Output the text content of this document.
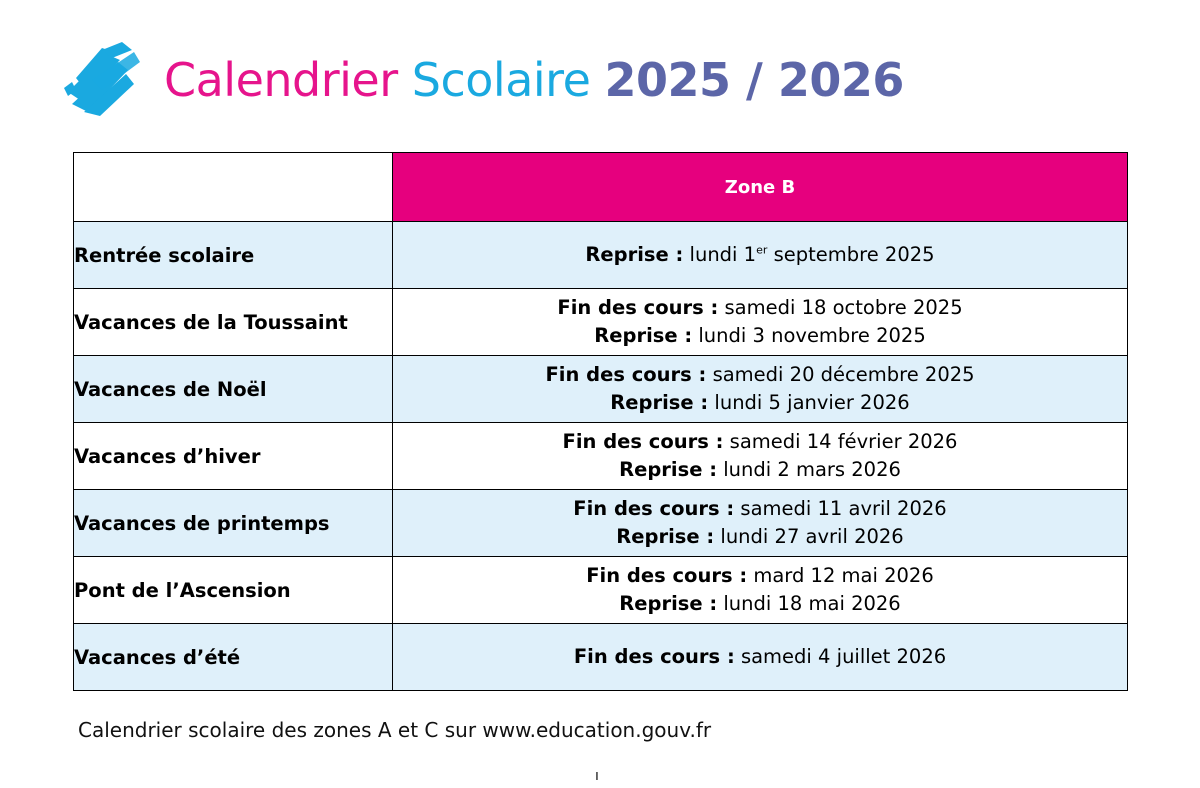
Calendrier Scolaire 2025 / 2026
	Zone B
Rentrée scolaire	Reprise : lundi 1er septembre 2025
Vacances de la Toussaint	Fin des cours : samedi 18 octobre 2025
Reprise : lundi 3 novembre 2025

Vacances de Noël	Fin des cours : samedi 20 décembre 2025
Reprise : lundi 5 janvier 2026

Vacances d’hiver	Fin des cours : samedi 14 février 2026
Reprise : lundi 2 mars 2026

Vacances de printemps	Fin des cours : samedi 11 avril 2026
Reprise : lundi 27 avril 2026

Pont de l’Ascension	Fin des cours : mard 12 mai 2026
Reprise : lundi 18 mai 2026

Vacances d’été	Fin des cours : samedi 4 juillet 2026
Calendrier scolaire des zones A et C sur www.education.gouv.fr
ı
